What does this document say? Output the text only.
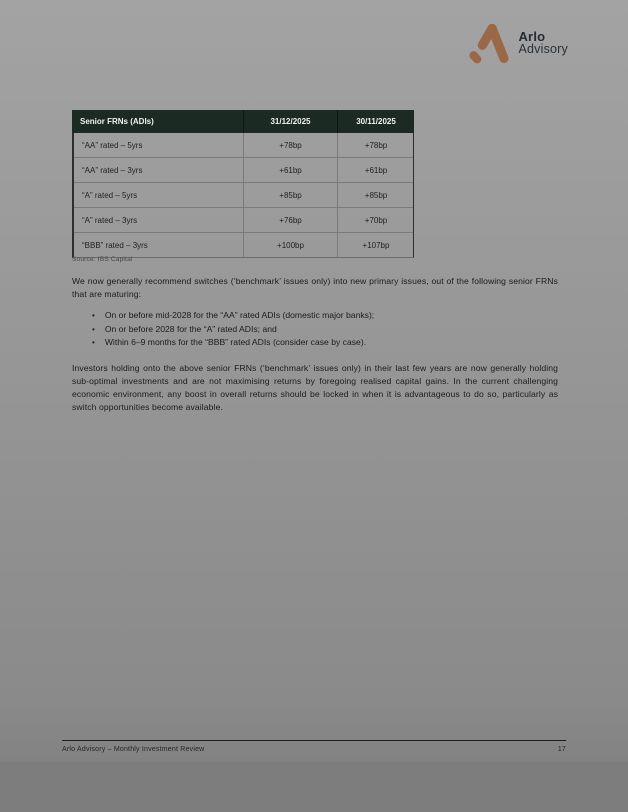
Arlo
Advisory
Senior FRNs (ADIs)	31/12/2025	30/11/2025
“AA” rated – 5yrs	+78bp	+78bp
“AA” rated – 3yrs	+61bp	+61bp
“A” rated – 5yrs	+85bp	+85bp
“A” rated – 3yrs	+76bp	+70bp
“BBB” rated – 3yrs	+100bp	+107bp
Source: IBS Capital
We now generally recommend switches (‘benchmark’ issues only) into new primary issues, out of the following senior FRNs that are maturing:
• On or before mid-2028 for the “AA” rated ADIs (domestic major banks);
• On or before 2028 for the “A” rated ADIs; and
• Within 6–9 months for the “BBB” rated ADIs (consider case by case).
Investors holding onto the above senior FRNs (‘benchmark’ issues only) in their last few years are now generally holding sub-optimal investments and are not maximising returns by foregoing realised capital gains. In the current challenging economic environment, any boost in overall returns should be locked in when it is advantageous to do so, particularly as switch opportunities become available.
Arlo Advisory – Monthly Investment Review	17
